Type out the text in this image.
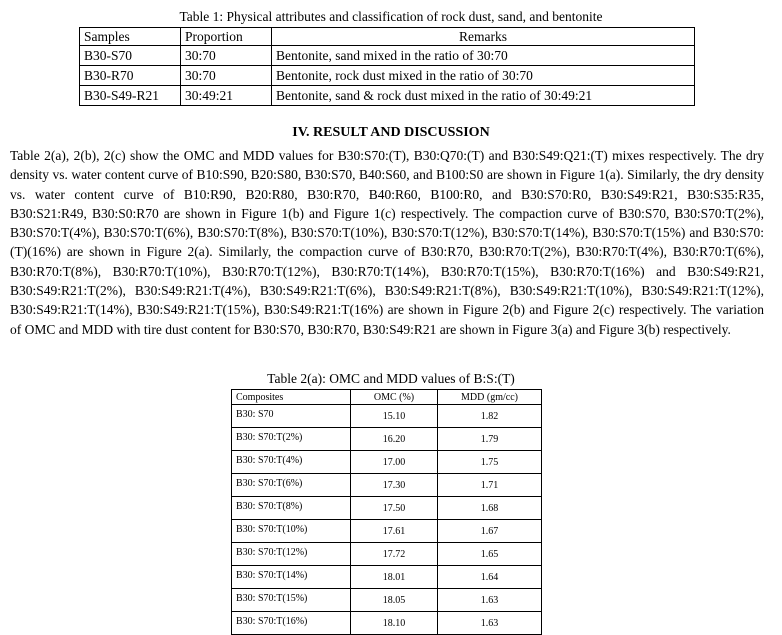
Table 1: Physical attributes and classification of rock dust, sand, and bentonite
Samples	Proportion	Remarks
B30-S70	30:70	Bentonite, sand mixed in the ratio of 30:70
B30-R70	30:70	Bentonite, rock dust mixed in the ratio of 30:70
B30-S49-R21	30:49:21	Bentonite, sand & rock dust mixed in the ratio of 30:49:21
IV. RESULT AND DISCUSSION

Table 2(a), 2(b), 2(c) show the OMC and MDD values for B30:S70:(T), B30:Q70:(T) and B30:S49:Q21:(T) mixes respectively. The dry density vs. water content curve of B10:S90, B20:S80, B30:S70, B40:S60, and B100:S0 are shown in Figure 1(a). Similarly, the dry density vs. water content curve of B10:R90, B20:R80, B30:R70, B40:R60, B100:R0, and B30:S70:R0, B30:S49:R21, B30:S35:R35, B30:S21:R49, B30:S0:R70 are shown in Figure 1(b) and Figure 1(c) respectively. The compaction curve of B30:S70, B30:S70:T(2%), B30:S70:T(4%), B30:S70:T(6%), B30:S70:T(8%), B30:S70:T(10%), B30:S70:T(12%), B30:S70:T(14%), B30:S70:T(15%) and B30:S70:(T)(16%) are shown in Figure 2(a). Similarly, the compaction curve of B30:R70, B30:R70:T(2%), B30:R70:T(4%), B30:R70:T(6%), B30:R70:T(8%), B30:R70:T(10%), B30:R70:T(12%), B30:R70:T(14%), B30:R70:T(15%), B30:R70:T(16%) and B30:S49:R21, B30:S49:R21:T(2%), B30:S49:R21:T(4%), B30:S49:R21:T(6%), B30:S49:R21:T(8%), B30:S49:R21:T(10%), B30:S49:R21:T(12%), B30:S49:R21:T(14%), B30:S49:R21:T(15%), B30:S49:R21:T(16%) are shown in Figure 2(b) and Figure 2(c) respectively. The variation of OMC and MDD with tire dust content for B30:S70, B30:R70, B30:S49:R21 are shown in Figure 3(a) and Figure 3(b) respectively.

Table 2(a): OMC and MDD values of B:S:(T)
Composites	OMC (%)	MDD (gm/cc)
B30: S70	15.10	1.82
B30: S70:T(2%)	16.20	1.79
B30: S70:T(4%)	17.00	1.75
B30: S70:T(6%)	17.30	1.71
B30: S70:T(8%)	17.50	1.68
B30: S70:T(10%)	17.61	1.67
B30: S70:T(12%)	17.72	1.65
B30: S70:T(14%)	18.01	1.64
B30: S70:T(15%)	18.05	1.63
B30: S70:T(16%)	18.10	1.63
